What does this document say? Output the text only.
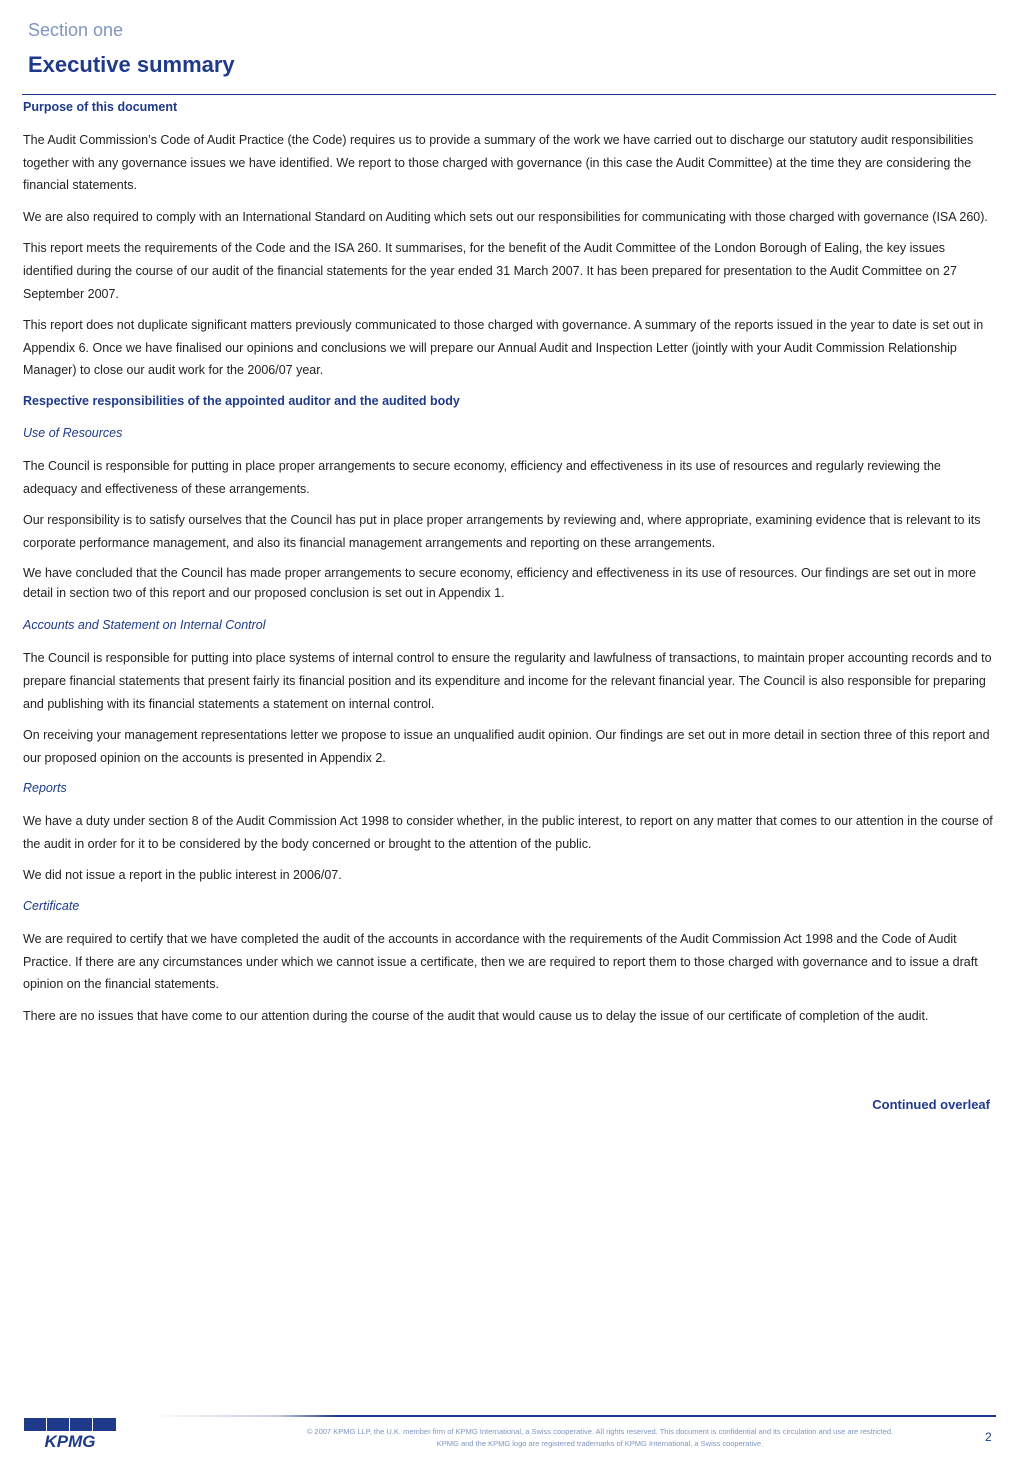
Section one
Executive summary

Purpose of this document

The Audit Commission’s Code of Audit Practice (the Code) requires us to provide a summary of the work we have carried out to discharge our statutory audit responsibilities together with any governance issues we have identified. We report to those charged with governance (in this case the Audit Committee) at the time they are considering the financial statements.

We are also required to comply with an International Standard on Auditing which sets out our responsibilities for communicating with those charged with governance (ISA 260).

This report meets the requirements of the Code and the ISA 260. It summarises, for the benefit of the Audit Committee of the London Borough of Ealing, the key issues identified during the course of our audit of the financial statements for the year ended 31 March 2007. It has been prepared for presentation to the Audit Committee on 27 September 2007.

This report does not duplicate significant matters previously communicated to those charged with governance. A summary of the reports issued in the year to date is set out in Appendix 6. Once we have finalised our opinions and conclusions we will prepare our Annual Audit and Inspection Letter (jointly with your Audit Commission Relationship Manager) to close our audit work for the 2006/07 year.

Respective responsibilities of the appointed auditor and the audited body

Use of Resources

The Council is responsible for putting in place proper arrangements to secure economy, efficiency and effectiveness in its use of resources and regularly reviewing the adequacy and effectiveness of these arrangements.

Our responsibility is to satisfy ourselves that the Council has put in place proper arrangements by reviewing and, where appropriate, examining evidence that is relevant to its corporate performance management, and also its financial management arrangements and reporting on these arrangements.

We have concluded that the Council has made proper arrangements to secure economy, efficiency and effectiveness in its use of resources. Our findings are set out in more detail in section two of this report and our proposed conclusion is set out in Appendix 1.

Accounts and Statement on Internal Control

The Council is responsible for putting into place systems of internal control to ensure the regularity and lawfulness of transactions, to maintain proper accounting records and to prepare financial statements that present fairly its financial position and its expenditure and income for the relevant financial year. The Council is also responsible for preparing and publishing with its financial statements a statement on internal control.

On receiving your management representations letter we propose to issue an unqualified audit opinion. Our findings are set out in more detail in section three of this report and our proposed opinion on the accounts is presented in Appendix 2.

Reports

We have a duty under section 8 of the Audit Commission Act 1998 to consider whether, in the public interest, to report on any matter that comes to our attention in the course of the audit in order for it to be considered by the body concerned or brought to the attention of the public.

We did not issue a report in the public interest in 2006/07.

Certificate

We are required to certify that we have completed the audit of the accounts in accordance with the requirements of the Audit Commission Act 1998 and the Code of Audit Practice. If there are any circumstances under which we cannot issue a certificate, then we are required to report them to those charged with governance and to issue a draft opinion on the financial statements.

There are no issues that have come to our attention during the course of the audit that would cause us to delay the issue of our certificate of completion of the audit.

Continued overleaf
KPMG
© 2007 KPMG LLP, the U.K. member firm of KPMG International, a Swiss cooperative. All rights reserved. This document is confidential and its circulation and use are restricted.
KPMG and the KPMG logo are registered trademarks of KPMG International, a Swiss cooperative.	2
